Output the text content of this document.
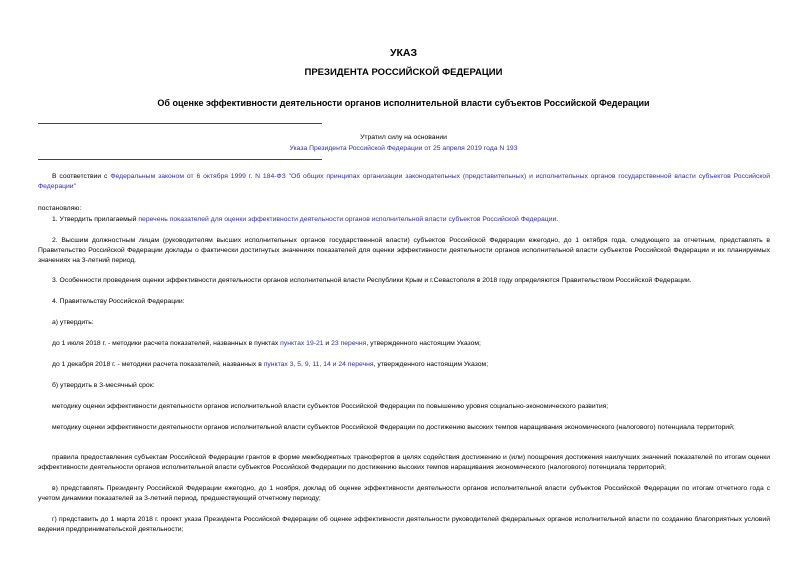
УКАЗ
ПРЕЗИДЕНТА РОССИЙСКОЙ ФЕДЕРАЦИИ
Об оценке эффективности деятельности органов исполнительной власти субъектов Российской Федерации
Утратил силу на основании
Указа Президента Российской Федерации от 25 апреля 2019 года N 193
В соответствии с Федеральным законом от 6 октября 1999 г. N 184-ФЗ "Об общих принципах организации законодательных (представительных) и исполнительных органов государственной власти субъектов Российской Федерации"
постановляю:
1. Утвердить прилагаемый перечень показателей для оценки эффективности деятельности органов исполнительной власти субъектов Российской Федерации.
2. Высшим должностным лицам (руководителям высших исполнительных органов государственной власти) субъектов Российской Федерации ежегодно, до 1 октября года, следующего за отчетным, представлять в Правительство Российской Федерации доклады о фактически достигнутых значениях показателей для оценки эффективности деятельности органов исполнительной власти субъектов Российской Федерации и их планируемых значениях на 3-летний период.
3. Особенности проведения оценки эффективности деятельности органов исполнительной власти Республики Крым и г.Севастополя в 2018 году определяются Правительством Российской Федерации.
4. Правительству Российской Федерации:
а) утвердить:
до 1 июля 2018 г. - методики расчета показателей, названных в пунктах пунктах 19-21 и 23 перечня, утвержденного настоящим Указом;
до 1 декабря 2018 г. - методики расчета показателей, названных в пунктах 3, 5, 9, 11, 14 и 24 перечня, утвержденного настоящим Указом;
б) утвердить в 3-месячный срок:
методику оценки эффективности деятельности органов исполнительной власти субъектов Российской Федерации по повышению уровня социально-экономического развития;
методику оценки эффективности деятельности органов исполнительной власти субъектов Российской Федерации по достижению высоких темпов наращивания экономического (налогового) потенциала территорий;
правила предоставления субъектам Российской Федерации грантов в форме межбюджетных трансфертов в целях содействия достижению и (или) поощрения достижения наилучших значений показателей по итогам оценки эффективности деятельности органов исполнительной власти субъектов Российской Федерации по достижению высоких темпов наращивания экономического (налогового) потенциала территорий;
в) представлять Президенту Российской Федерации ежегодно, до 1 ноября, доклад об оценке эффективности деятельности органов исполнительной власти субъектов Российской Федерации по итогам отчетного года с учетом динамики показателей за 3-летний период, предшествующий отчетному периоду;
г) представить до 1 марта 2018 г. проект указа Президента Российской Федерации об оценке эффективности деятельности руководителей федеральных органов исполнительной власти по созданию благоприятных условий ведения предпринимательской деятельности;
